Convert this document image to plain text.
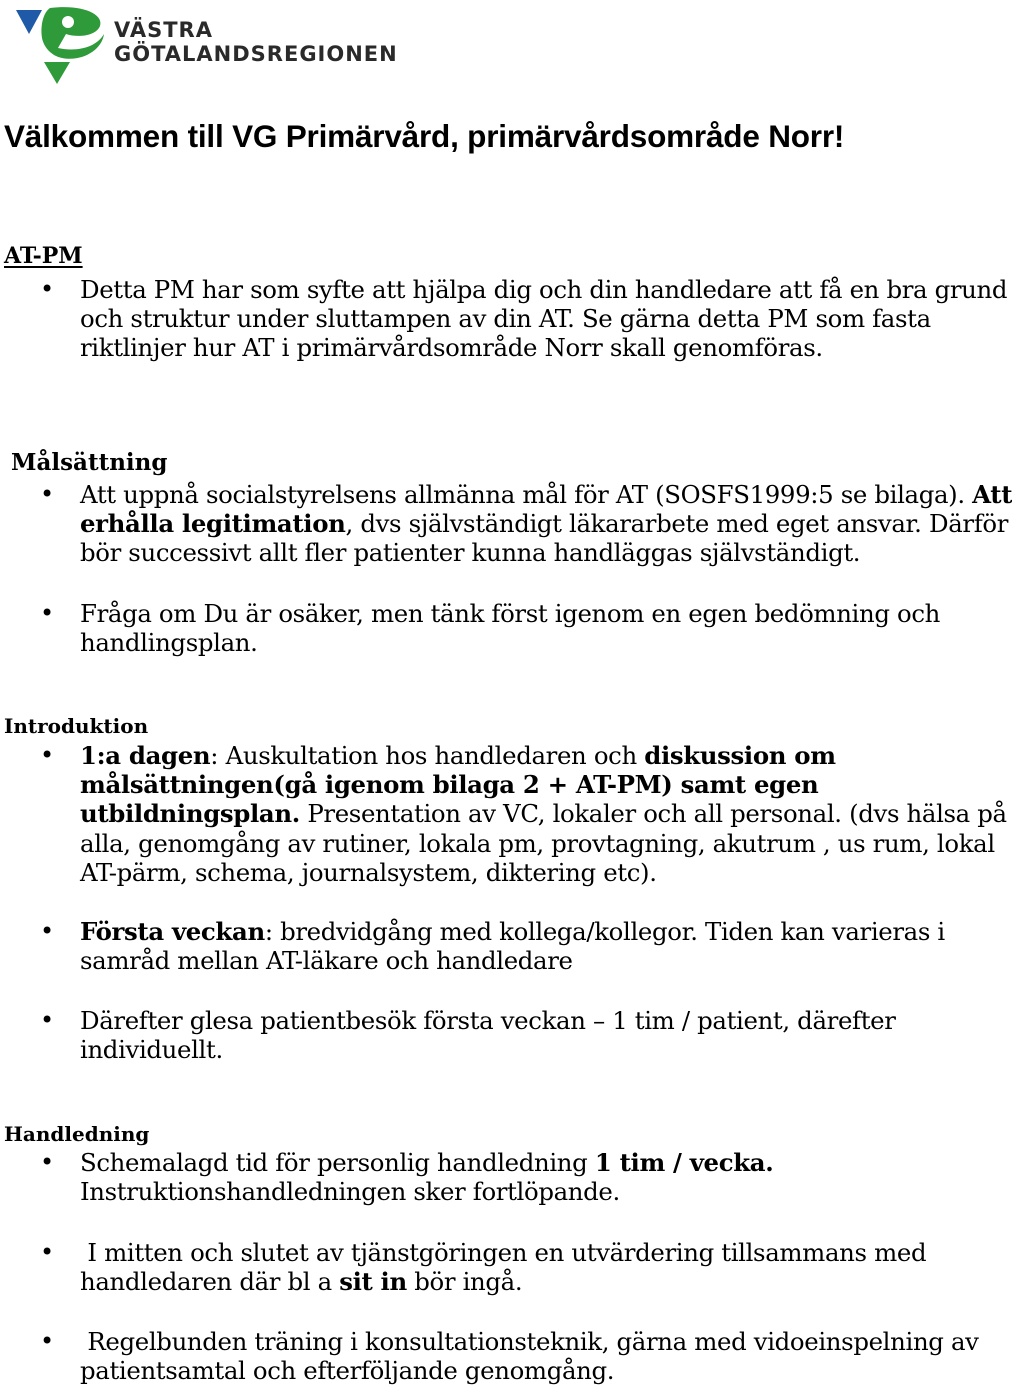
VÄSTRA
GÖTALANDSREGIONEN
Välkommen till VG Primärvård, primärvårdsområde Norr!
AT-PM
• Detta PM har som syfte att hjälpa dig och din handledare att få en bra grund
och struktur under sluttampen av din AT. Se gärna detta PM som fasta
riktlinjer hur AT i primärvårdsområde Norr skall genomföras.
Målsättning
• Att uppnå socialstyrelsens allmänna mål för AT (SOSFS1999:5 se bilaga). Att
erhålla legitimation, dvs självständigt läkararbete med eget ansvar. Därför
bör successivt allt fler patienter kunna handläggas självständigt.
• Fråga om Du är osäker, men tänk först igenom en egen bedömning och
handlingsplan.
Introduktion
• 1:a dagen: Auskultation hos handledaren och diskussion om
målsättningen(gå igenom bilaga 2 + AT-PM) samt egen
utbildningsplan. Presentation av VC, lokaler och all personal. (dvs hälsa på
alla, genomgång av rutiner, lokala pm, provtagning, akutrum , us rum, lokal
AT-pärm, schema, journalsystem, diktering etc).
• Första veckan: bredvidgång med kollega/kollegor. Tiden kan varieras i
samråd mellan AT-läkare och handledare
• Därefter glesa patientbesök första veckan – 1 tim / patient, därefter
individuellt.
Handledning
• Schemalagd tid för personlig handledning 1 tim / vecka.
Instruktionshandledningen sker fortlöpande.
•  I mitten och slutet av tjänstgöringen en utvärdering tillsammans med
handledaren där bl a sit in bör ingå.
•  Regelbunden träning i konsultationsteknik, gärna med vidoeinspelning av
patientsamtal och efterföljande genomgång.
